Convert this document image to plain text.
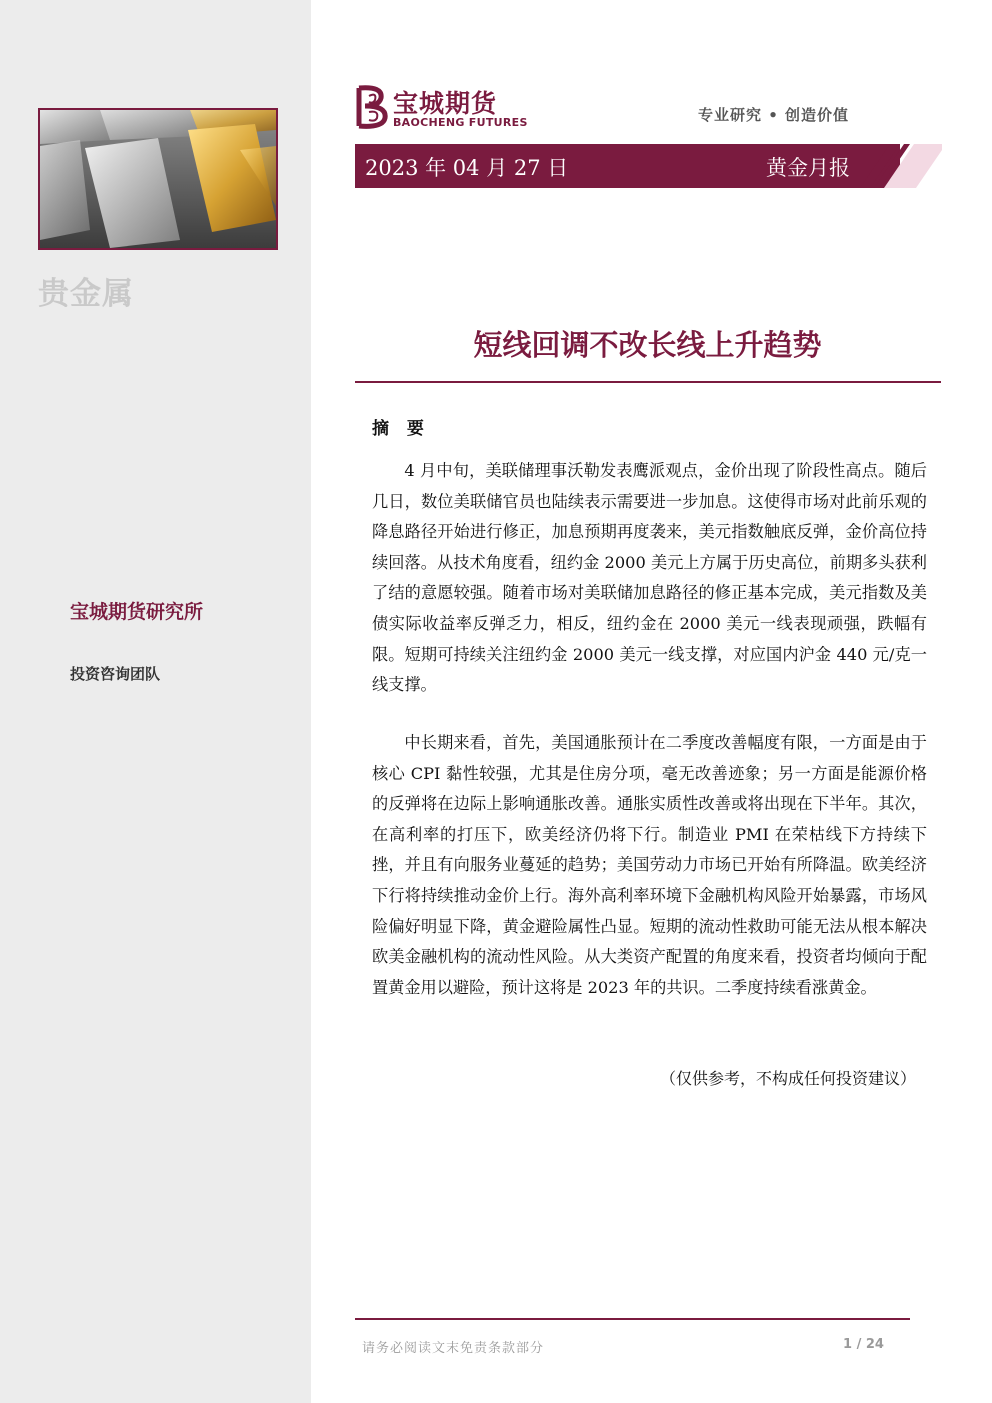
贵金属
宝城期货研究所
投资咨询团队
宝城期货
BAOCHENG FUTURES	专业研究 • 创造价值
2023 年 04 月 27 日	黄金月报
短线回调不改长线上升趋势
摘 要

4 月中旬，美联储理事沃勒发表鹰派观点，金价出现了阶段性高点。随后几日，数位美联储官员也陆续表示需要进一步加息。这使得市场对此前乐观的降息路径开始进行修正，加息预期再度袭来，美元指数触底反弹，金价高位持续回落。从技术角度看，纽约金 2000 美元上方属于历史高位，前期多头获利了结的意愿较强。随着市场对美联储加息路径的修正基本完成，美元指数及美债实际收益率反弹乏力，相反，纽约金在 2000 美元一线表现顽强，跌幅有限。短期可持续关注纽约金 2000 美元一线支撑，对应国内沪金 440 元/克一线支撑。

中长期来看，首先，美国通胀预计在二季度改善幅度有限，一方面是由于核心 CPI 黏性较强，尤其是住房分项，毫无改善迹象；另一方面是能源价格的反弹将在边际上影响通胀改善。通胀实质性改善或将出现在下半年。其次，在高利率的打压下，欧美经济仍将下行。制造业 PMI 在荣枯线下方持续下挫，并且有向服务业蔓延的趋势；美国劳动力市场已开始有所降温。欧美经济下行将持续推动金价上行。海外高利率环境下金融机构风险开始暴露，市场风险偏好明显下降，黄金避险属性凸显。短期的流动性救助可能无法从根本解决欧美金融机构的流动性风险。从大类资产配置的角度来看，投资者均倾向于配置黄金用以避险，预计这将是 2023 年的共识。二季度持续看涨黄金。

（仅供参考，不构成任何投资建议）
请务必阅读文末免责条款部分	1 / 24
